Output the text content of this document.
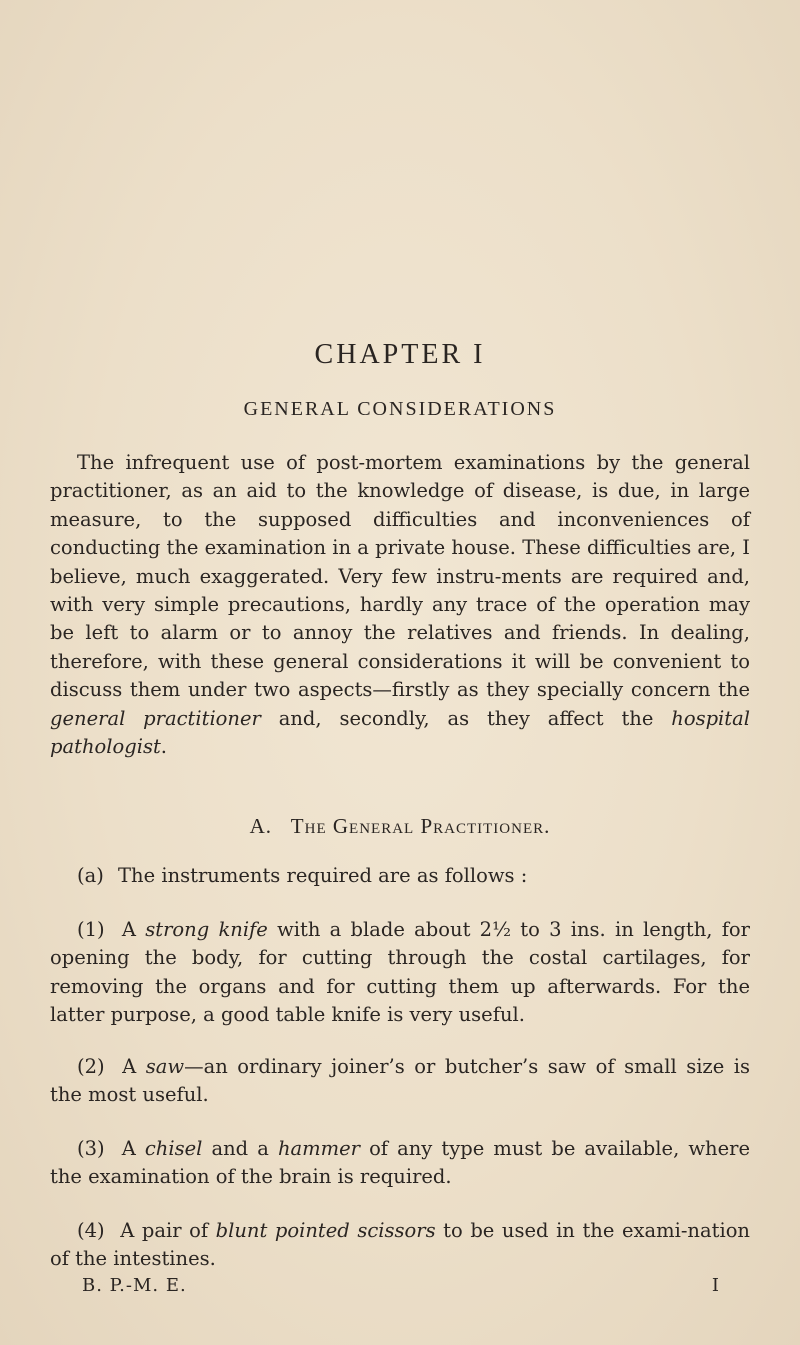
CHAPTER I
GENERAL CONSIDERATIONS

The infrequent use of post-mortem examinations by the general practitioner, as an aid to the knowledge of disease, is due, in large measure, to the supposed difficulties and inconveniences of conducting the examination in a private house. These difficulties are, I believe, much exaggerated. Very few instru-ments are required and, with very simple precautions, hardly any trace of the operation may be left to alarm or to annoy the relatives and friends. In dealing, therefore, with these general considerations it will be convenient to discuss them under two aspects—firstly as they specially concern the general practitioner and, secondly, as they affect the hospital pathologist.

A. The General Practitioner.

(a) The instruments required are as follows :

(1) A strong knife with a blade about 2½ to 3 ins. in length, for opening the body, for cutting through the costal cartilages, for removing the organs and for cutting them up afterwards. For the latter purpose, a good table knife is very useful.

(2) A saw—an ordinary joiner’s or butcher’s saw of small size is the most useful.

(3) A chisel and a hammer of any type must be available, where the examination of the brain is required.

(4) A pair of blunt pointed scissors to be used in the exami-nation of the intestines.

B. P.-M. E.	I
